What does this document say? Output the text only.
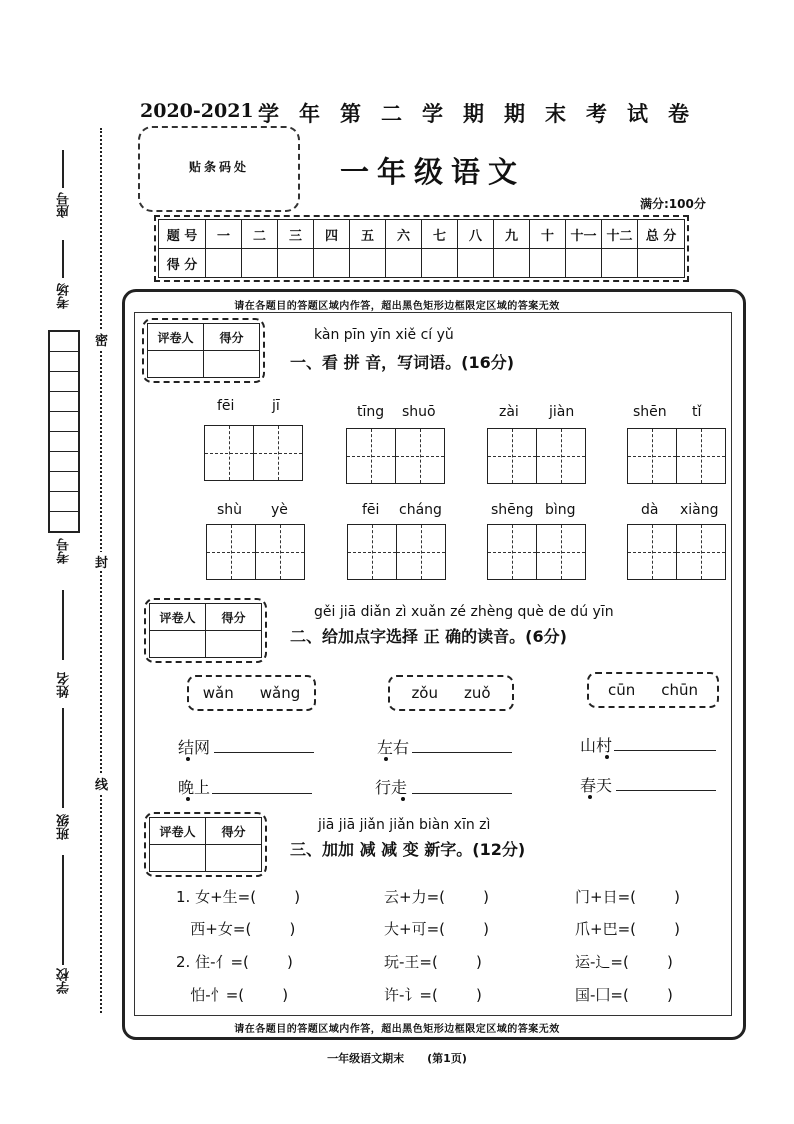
2020-2021 学年第二学期期末考试卷
贴条码处	一年级语文
满分:100分
题 号	一	二	三	四	五	六	七	八	九	十	十一	十二	总 分
得 分													
密
封
线
座号
考场
考号
姓名
班级
学校
请在各题目的答题区域内作答，超出黑色矩形边框限定区域的答案无效
请在各题目的答题区域内作答，超出黑色矩形边框限定区域的答案无效
评卷人	得分
		kàn pīn yīn xiě cí yǔ
一、看 拼 音，写词语。(16分)
fēi	jī	tīng shuō	zài jiàn	shēn tǐ
shù yè	fēi cháng	shēng bìng	dà xiàng
评卷人	得分
		gěi jiā diǎn zì xuǎn zé zhèng què de dú yīn
二、给加点字选择 正 确的读音。(6分)
wǎn wǎng	zǒu zuǒ	cūn chūn
结网	左右	山村
晚上	行走	春天
评卷人	得分
		jiā jiā jiǎn jiǎn biàn xīn zì
三、加加 减 减 变 新字。(12分)
1. 女+生=(        )	云+力=(        )	门+日=(        )
西+女=(        )	大+可=(        )	爪+巴=(        )
2. 住-亻=(        )	玩-王=(        )	运-辶=(        )
怕-忄=(        )	许-讠=(        )	国-囗=(        )
一年级语文期末      (第1页)
